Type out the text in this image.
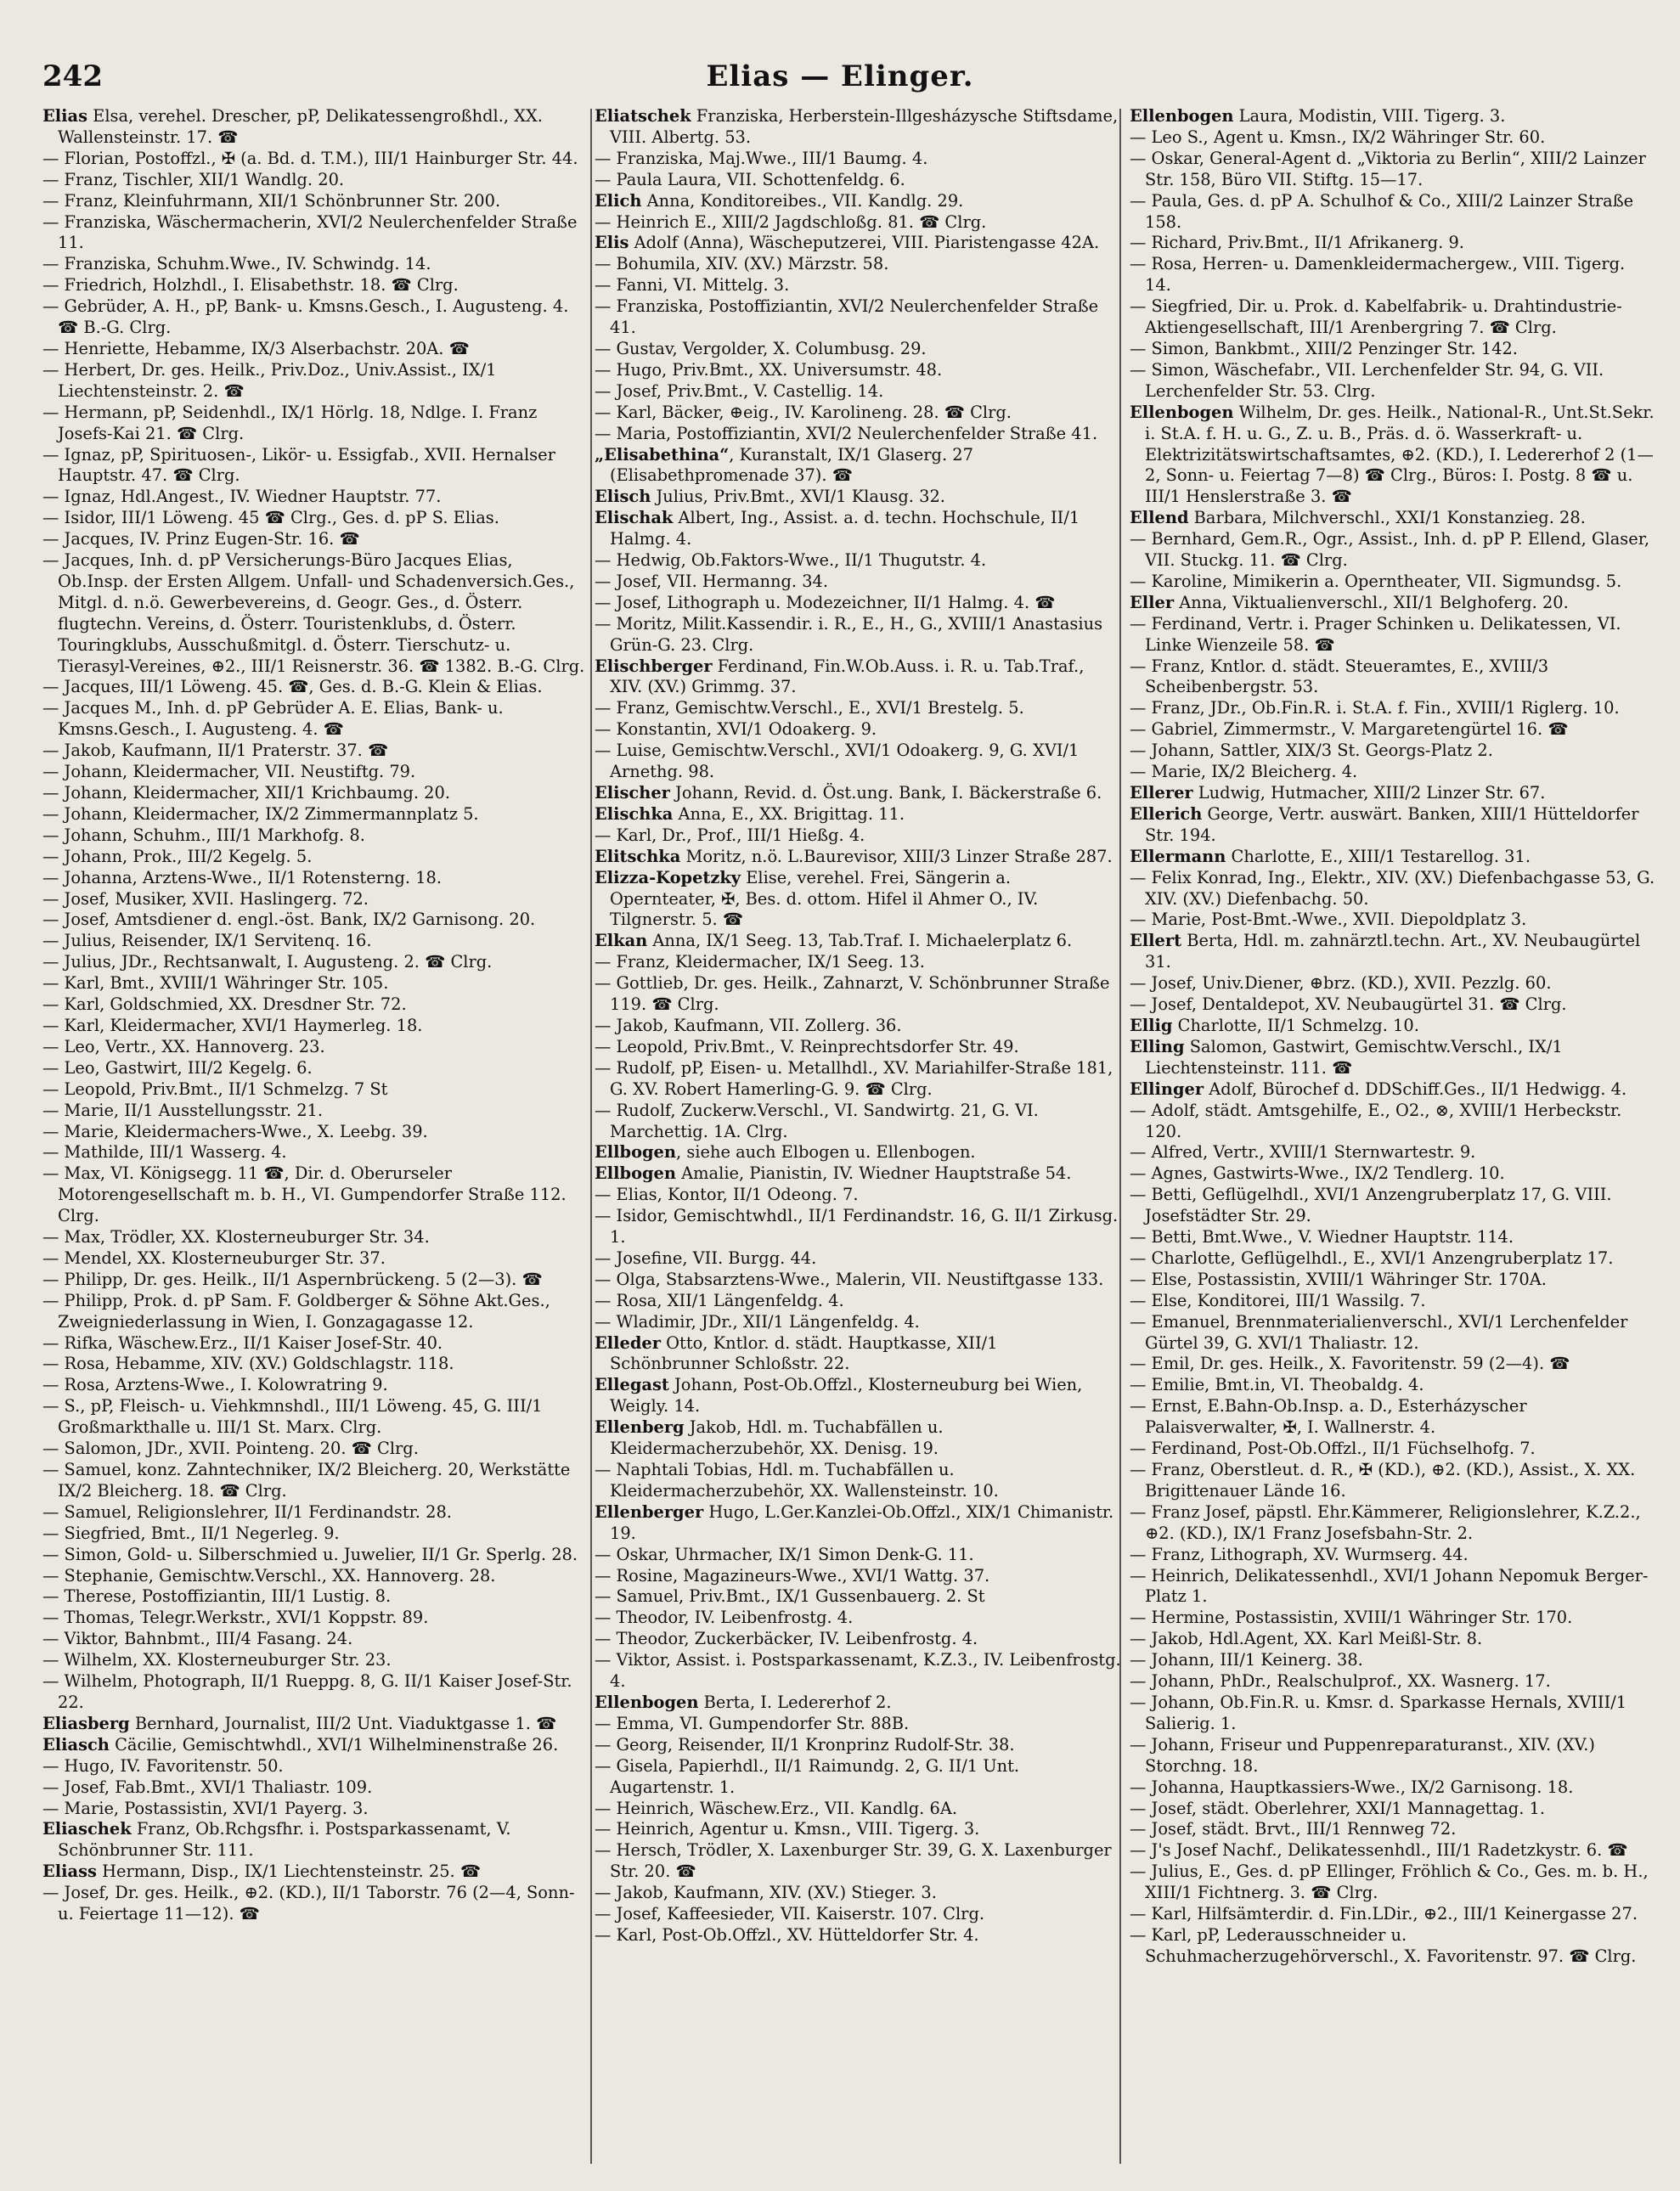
242	Elias — Elinger.

Elias Elsa, verehel. Drescher, pP, Delikatessengroßhdl., XX. Wallensteinstr. 17. ☎

— Florian, Postoffzl., ✠ (a. Bd. d. T.M.), III/1 Hainburger Str. 44.

— Franz, Tischler, XII/1 Wandlg. 20.

— Franz, Kleinfuhrmann, XII/1 Schönbrunner Str. 200.

— Franziska, Wäschermacherin, XVI/2 Neulerchenfelder Straße 11.

— Franziska, Schuhm.Wwe., IV. Schwindg. 14.

— Friedrich, Holzhdl., I. Elisabethstr. 18. ☎ Clrg.

— Gebrüder, A. H., pP, Bank- u. Kmsns.Gesch., I. Augusteng. 4. ☎ B.-G. Clrg.

— Henriette, Hebamme, IX/3 Alserbachstr. 20A. ☎

— Herbert, Dr. ges. Heilk., Priv.Doz., Univ.Assist., IX/1 Liechtensteinstr. 2. ☎

— Hermann, pP, Seidenhdl., IX/1 Hörlg. 18, Ndlge. I. Franz Josefs-Kai 21. ☎ Clrg.

— Ignaz, pP, Spirituosen-, Likör- u. Essigfab., XVII. Hernalser Hauptstr. 47. ☎ Clrg.

— Ignaz, Hdl.Angest., IV. Wiedner Hauptstr. 77.

— Isidor, III/1 Löweng. 45 ☎ Clrg., Ges. d. pP S. Elias.

— Jacques, IV. Prinz Eugen-Str. 16. ☎

— Jacques, Inh. d. pP Versicherungs-Büro Jacques Elias, Ob.Insp. der Ersten Allgem. Unfall- und Schadenversich.Ges., Mitgl. d. n.ö. Gewerbevereins, d. Geogr. Ges., d. Österr. flugtechn. Vereins, d. Österr. Touristenklubs, d. Österr. Touringklubs, Ausschußmitgl. d. Österr. Tierschutz- u. Tierasyl-Vereines, ⊕2., III/1 Reisnerstr. 36. ☎ 1382. B.-G. Clrg.

— Jacques, III/1 Löweng. 45. ☎, Ges. d. B.-G. Klein & Elias.

— Jacques M., Inh. d. pP Gebrüder A. E. Elias, Bank- u. Kmsns.Gesch., I. Augusteng. 4. ☎

— Jakob, Kaufmann, II/1 Praterstr. 37. ☎

— Johann, Kleidermacher, VII. Neustiftg. 79.

— Johann, Kleidermacher, XII/1 Krichbaumg. 20.

— Johann, Kleidermacher, IX/2 Zimmermannplatz 5.

— Johann, Schuhm., III/1 Markhofg. 8.

— Johann, Prok., III/2 Kegelg. 5.

— Johanna, Arztens-Wwe., II/1 Rotensterng. 18.

— Josef, Musiker, XVII. Haslingerg. 72.

— Josef, Amtsdiener d. engl.-öst. Bank, IX/2 Garnisong. 20.

— Julius, Reisender, IX/1 Servitenq. 16.

— Julius, JDr., Rechtsanwalt, I. Augusteng. 2. ☎ Clrg.

— Karl, Bmt., XVIII/1 Währinger Str. 105.

— Karl, Goldschmied, XX. Dresdner Str. 72.

— Karl, Kleidermacher, XVI/1 Haymerleg. 18.

— Leo, Vertr., XX. Hannoverg. 23.

— Leo, Gastwirt, III/2 Kegelg. 6.

— Leopold, Priv.Bmt., II/1 Schmelzg. 7 St

— Marie, II/1 Ausstellungsstr. 21.

— Marie, Kleidermachers-Wwe., X. Leebg. 39.

— Mathilde, III/1 Wasserg. 4.

— Max, VI. Königsegg. 11 ☎, Dir. d. Oberurseler Motorengesellschaft m. b. H., VI. Gumpendorfer Straße 112. Clrg.

— Max, Trödler, XX. Klosterneuburger Str. 34.

— Mendel, XX. Klosterneuburger Str. 37.

— Philipp, Dr. ges. Heilk., II/1 Aspernbrückeng. 5 (2—3). ☎

— Philipp, Prok. d. pP Sam. F. Goldberger & Söhne Akt.Ges., Zweigniederlassung in Wien, I. Gonzagagasse 12.

— Rifka, Wäschew.Erz., II/1 Kaiser Josef-Str. 40.

— Rosa, Hebamme, XIV. (XV.) Goldschlagstr. 118.

— Rosa, Arztens-Wwe., I. Kolowratring 9.

— S., pP, Fleisch- u. Viehkmnshdl., III/1 Löweng. 45, G. III/1 Großmarkthalle u. III/1 St. Marx. Clrg.

— Salomon, JDr., XVII. Pointeng. 20. ☎ Clrg.

— Samuel, konz. Zahntechniker, IX/2 Bleicherg. 20, Werkstätte IX/2 Bleicherg. 18. ☎ Clrg.

— Samuel, Religionslehrer, II/1 Ferdinandstr. 28.

— Siegfried, Bmt., II/1 Negerleg. 9.

— Simon, Gold- u. Silberschmied u. Juwelier, II/1 Gr. Sperlg. 28.

— Stephanie, Gemischtw.Verschl., XX. Hannoverg. 28.

— Therese, Postoffiziantin, III/1 Lustig. 8.

— Thomas, Telegr.Werkstr., XVI/1 Koppstr. 89.

— Viktor, Bahnbmt., III/4 Fasang. 24.

— Wilhelm, XX. Klosterneuburger Str. 23.

— Wilhelm, Photograph, II/1 Rueppg. 8, G. II/1 Kaiser Josef-Str. 22.

Eliasberg Bernhard, Journalist, III/2 Unt. Viaduktgasse 1. ☎

Eliasch Cäcilie, Gemischtwhdl., XVI/1 Wilhelminenstraße 26.

— Hugo, IV. Favoritenstr. 50.

— Josef, Fab.Bmt., XVI/1 Thaliastr. 109.

— Marie, Postassistin, XVI/1 Payerg. 3.

Eliaschek Franz, Ob.Rchgsfhr. i. Postsparkassenamt, V. Schönbrunner Str. 111.

Eliass Hermann, Disp., IX/1 Liechtensteinstr. 25. ☎

— Josef, Dr. ges. Heilk., ⊕2. (KD.), II/1 Taborstr. 76 (2—4, Sonn- u. Feiertage 11—12). ☎

Eliatschek Franziska, Herberstein-Illgesházysche Stiftsdame, VIII. Albertg. 53.

— Franziska, Maj.Wwe., III/1 Baumg. 4.

— Paula Laura, VII. Schottenfeldg. 6.

Elich Anna, Konditoreibes., VII. Kandlg. 29.

— Heinrich E., XIII/2 Jagdschloßg. 81. ☎ Clrg.

Elis Adolf (Anna), Wäscheputzerei, VIII. Piaristengasse 42A.

— Bohumila, XIV. (XV.) Märzstr. 58.

— Fanni, VI. Mittelg. 3.

— Franziska, Postoffiziantin, XVI/2 Neulerchenfelder Straße 41.

— Gustav, Vergolder, X. Columbusg. 29.

— Hugo, Priv.Bmt., XX. Universumstr. 48.

— Josef, Priv.Bmt., V. Castellig. 14.

— Karl, Bäcker, ⊕eig., IV. Karolineng. 28. ☎ Clrg.

— Maria, Postoffiziantin, XVI/2 Neulerchenfelder Straße 41.

„Elisabethina“, Kuranstalt, IX/1 Glaserg. 27 (Elisabethpromenade 37). ☎

Elisch Julius, Priv.Bmt., XVI/1 Klausg. 32.

Elischak Albert, Ing., Assist. a. d. techn. Hochschule, II/1 Halmg. 4.

— Hedwig, Ob.Faktors-Wwe., II/1 Thugutstr. 4.

— Josef, VII. Hermanng. 34.

— Josef, Lithograph u. Modezeichner, II/1 Halmg. 4. ☎

— Moritz, Milit.Kassendir. i. R., E., H., G., XVIII/1 Anastasius Grün-G. 23. Clrg.

Elischberger Ferdinand, Fin.W.Ob.Auss. i. R. u. Tab.Traf., XIV. (XV.) Grimmg. 37.

— Franz, Gemischtw.Verschl., E., XVI/1 Brestelg. 5.

— Konstantin, XVI/1 Odoakerg. 9.

— Luise, Gemischtw.Verschl., XVI/1 Odoakerg. 9, G. XVI/1 Arnethg. 98.

Elischer Johann, Revid. d. Öst.ung. Bank, I. Bäckerstraße 6.

Elischka Anna, E., XX. Brigittag. 11.

— Karl, Dr., Prof., III/1 Hießg. 4.

Elitschka Moritz, n.ö. L.Baurevisor, XIII/3 Linzer Straße 287.

Elizza-Kopetzky Elise, verehel. Frei, Sängerin a. Opernteater, ✠, Bes. d. ottom. Hifel il Ahmer O., IV. Tilgnerstr. 5. ☎

Elkan Anna, IX/1 Seeg. 13, Tab.Traf. I. Michaelerplatz 6.

— Franz, Kleidermacher, IX/1 Seeg. 13.

— Gottlieb, Dr. ges. Heilk., Zahnarzt, V. Schönbrunner Straße 119. ☎ Clrg.

— Jakob, Kaufmann, VII. Zollerg. 36.

— Leopold, Priv.Bmt., V. Reinprechtsdorfer Str. 49.

— Rudolf, pP, Eisen- u. Metallhdl., XV. Mariahilfer-Straße 181, G. XV. Robert Hamerling-G. 9. ☎ Clrg.

— Rudolf, Zuckerw.Verschl., VI. Sandwirtg. 21, G. VI. Marchettig. 1A. Clrg.

Ellbogen, siehe auch Elbogen u. Ellenbogen.

Ellbogen Amalie, Pianistin, IV. Wiedner Hauptstraße 54.

— Elias, Kontor, II/1 Odeong. 7.

— Isidor, Gemischtwhdl., II/1 Ferdinandstr. 16, G. II/1 Zirkusg. 1.

— Josefine, VII. Burgg. 44.

— Olga, Stabsarztens-Wwe., Malerin, VII. Neustiftgasse 133.

— Rosa, XII/1 Längenfeldg. 4.

— Wladimir, JDr., XII/1 Längenfeldg. 4.

Elleder Otto, Kntlor. d. städt. Hauptkasse, XII/1 Schönbrunner Schloßstr. 22.

Ellegast Johann, Post-Ob.Offzl., Klosterneuburg bei Wien, Weigly. 14.

Ellenberg Jakob, Hdl. m. Tuchabfällen u. Kleidermacherzubehör, XX. Denisg. 19.

— Naphtali Tobias, Hdl. m. Tuchabfällen u. Kleidermacherzubehör, XX. Wallensteinstr. 10.

Ellenberger Hugo, L.Ger.Kanzlei-Ob.Offzl., XIX/1 Chimanistr. 19.

— Oskar, Uhrmacher, IX/1 Simon Denk-G. 11.

— Rosine, Magazineurs-Wwe., XVI/1 Wattg. 37.

— Samuel, Priv.Bmt., IX/1 Gussenbauerg. 2. St

— Theodor, IV. Leibenfrostg. 4.

— Theodor, Zuckerbäcker, IV. Leibenfrostg. 4.

— Viktor, Assist. i. Postsparkassenamt, K.Z.3., IV. Leibenfrostg. 4.

Ellenbogen Berta, I. Ledererhof 2.

— Emma, VI. Gumpendorfer Str. 88B.

— Georg, Reisender, II/1 Kronprinz Rudolf-Str. 38.

— Gisela, Papierhdl., II/1 Raimundg. 2, G. II/1 Unt. Augartenstr. 1.

— Heinrich, Wäschew.Erz., VII. Kandlg. 6A.

— Heinrich, Agentur u. Kmsn., VIII. Tigerg. 3.

— Hersch, Trödler, X. Laxenburger Str. 39, G. X. Laxenburger Str. 20. ☎

— Jakob, Kaufmann, XIV. (XV.) Stieger. 3.

— Josef, Kaffeesieder, VII. Kaiserstr. 107. Clrg.

— Karl, Post-Ob.Offzl., XV. Hütteldorfer Str. 4.

Ellenbogen Laura, Modistin, VIII. Tigerg. 3.

— Leo S., Agent u. Kmsn., IX/2 Währinger Str. 60.

— Oskar, General-Agent d. „Viktoria zu Berlin“, XIII/2 Lainzer Str. 158, Büro VII. Stiftg. 15—17.

— Paula, Ges. d. pP A. Schulhof & Co., XIII/2 Lainzer Straße 158.

— Richard, Priv.Bmt., II/1 Afrikanerg. 9.

— Rosa, Herren- u. Damenkleidermachergew., VIII. Tigerg. 14.

— Siegfried, Dir. u. Prok. d. Kabelfabrik- u. Drahtindustrie-Aktiengesellschaft, III/1 Arenbergring 7. ☎ Clrg.

— Simon, Bankbmt., XIII/2 Penzinger Str. 142.

— Simon, Wäschefabr., VII. Lerchenfelder Str. 94, G. VII. Lerchenfelder Str. 53. Clrg.

Ellenbogen Wilhelm, Dr. ges. Heilk., National-R., Unt.St.Sekr. i. St.A. f. H. u. G., Z. u. B., Präs. d. ö. Wasserkraft- u. Elektrizitätswirtschaftsamtes, ⊕2. (KD.), I. Ledererhof 2 (1—2, Sonn- u. Feiertag 7—8) ☎ Clrg., Büros: I. Postg. 8 ☎ u. III/1 Henslerstraße 3. ☎

Ellend Barbara, Milchverschl., XXI/1 Konstanzieg. 28.

— Bernhard, Gem.R., Ogr., Assist., Inh. d. pP P. Ellend, Glaser, VII. Stuckg. 11. ☎ Clrg.

— Karoline, Mimikerin a. Operntheater, VII. Sigmundsg. 5.

Eller Anna, Viktualienverschl., XII/1 Belghoferg. 20.

— Ferdinand, Vertr. i. Prager Schinken u. Delikatessen, VI. Linke Wienzeile 58. ☎

— Franz, Kntlor. d. städt. Steueramtes, E., XVIII/3 Scheibenbergstr. 53.

— Franz, JDr., Ob.Fin.R. i. St.A. f. Fin., XVIII/1 Riglerg. 10.

— Gabriel, Zimmermstr., V. Margaretengürtel 16. ☎

— Johann, Sattler, XIX/3 St. Georgs-Platz 2.

— Marie, IX/2 Bleicherg. 4.

Ellerer Ludwig, Hutmacher, XIII/2 Linzer Str. 67.

Ellerich George, Vertr. auswärt. Banken, XIII/1 Hütteldorfer Str. 194.

Ellermann Charlotte, E., XIII/1 Testarellog. 31.

— Felix Konrad, Ing., Elektr., XIV. (XV.) Diefenbachgasse 53, G. XIV. (XV.) Diefenbachg. 50.

— Marie, Post-Bmt.-Wwe., XVII. Diepoldplatz 3.

Ellert Berta, Hdl. m. zahnärztl.techn. Art., XV. Neubaugürtel 31.

— Josef, Univ.Diener, ⊕brz. (KD.), XVII. Pezzlg. 60.

— Josef, Dentaldepot, XV. Neubaugürtel 31. ☎ Clrg.

Ellig Charlotte, II/1 Schmelzg. 10.

Elling Salomon, Gastwirt, Gemischtw.Verschl., IX/1 Liechtensteinstr. 111. ☎

Ellinger Adolf, Bürochef d. DDSchiff.Ges., II/1 Hedwigg. 4.

— Adolf, städt. Amtsgehilfe, E., O2., ⊗, XVIII/1 Herbeckstr. 120.

— Alfred, Vertr., XVIII/1 Sternwartestr. 9.

— Agnes, Gastwirts-Wwe., IX/2 Tendlerg. 10.

— Betti, Geflügelhdl., XVI/1 Anzengruberplatz 17, G. VIII. Josefstädter Str. 29.

— Betti, Bmt.Wwe., V. Wiedner Hauptstr. 114.

— Charlotte, Geflügelhdl., E., XVI/1 Anzengruberplatz 17.

— Else, Postassistin, XVIII/1 Währinger Str. 170A.

— Else, Konditorei, III/1 Wassilg. 7.

— Emanuel, Brennmaterialienverschl., XVI/1 Lerchenfelder Gürtel 39, G. XVI/1 Thaliastr. 12.

— Emil, Dr. ges. Heilk., X. Favoritenstr. 59 (2—4). ☎

— Emilie, Bmt.in, VI. Theobaldg. 4.

— Ernst, E.Bahn-Ob.Insp. a. D., Esterházyscher Palaisverwalter, ✠, I. Wallnerstr. 4.

— Ferdinand, Post-Ob.Offzl., II/1 Füchselhofg. 7.

— Franz, Oberstleut. d. R., ✠ (KD.), ⊕2. (KD.), Assist., X. XX. Brigittenauer Lände 16.

— Franz Josef, päpstl. Ehr.Kämmerer, Religionslehrer, K.Z.2., ⊕2. (KD.), IX/1 Franz Josefsbahn-Str. 2.

— Franz, Lithograph, XV. Wurmserg. 44.

— Heinrich, Delikatessenhdl., XVI/1 Johann Nepomuk Berger-Platz 1.

— Hermine, Postassistin, XVIII/1 Währinger Str. 170.

— Jakob, Hdl.Agent, XX. Karl Meißl-Str. 8.

— Johann, III/1 Keinerg. 38.

— Johann, PhDr., Realschulprof., XX. Wasnerg. 17.

— Johann, Ob.Fin.R. u. Kmsr. d. Sparkasse Hernals, XVIII/1 Salierig. 1.

— Johann, Friseur und Puppenreparaturanst., XIV. (XV.) Storchng. 18.

— Johanna, Hauptkassiers-Wwe., IX/2 Garnisong. 18.

— Josef, städt. Oberlehrer, XXI/1 Mannagettag. 1.

— Josef, städt. Brvt., III/1 Rennweg 72.

— J's Josef Nachf., Delikatessenhdl., III/1 Radetzkystr. 6. ☎

— Julius, E., Ges. d. pP Ellinger, Fröhlich & Co., Ges. m. b. H., XIII/1 Fichtnerg. 3. ☎ Clrg.

— Karl, Hilfsämterdir. d. Fin.LDir., ⊕2., III/1 Keinergasse 27.

— Karl, pP, Lederausschneider u. Schuhmacherzugehörverschl., X. Favoritenstr. 97. ☎ Clrg.
